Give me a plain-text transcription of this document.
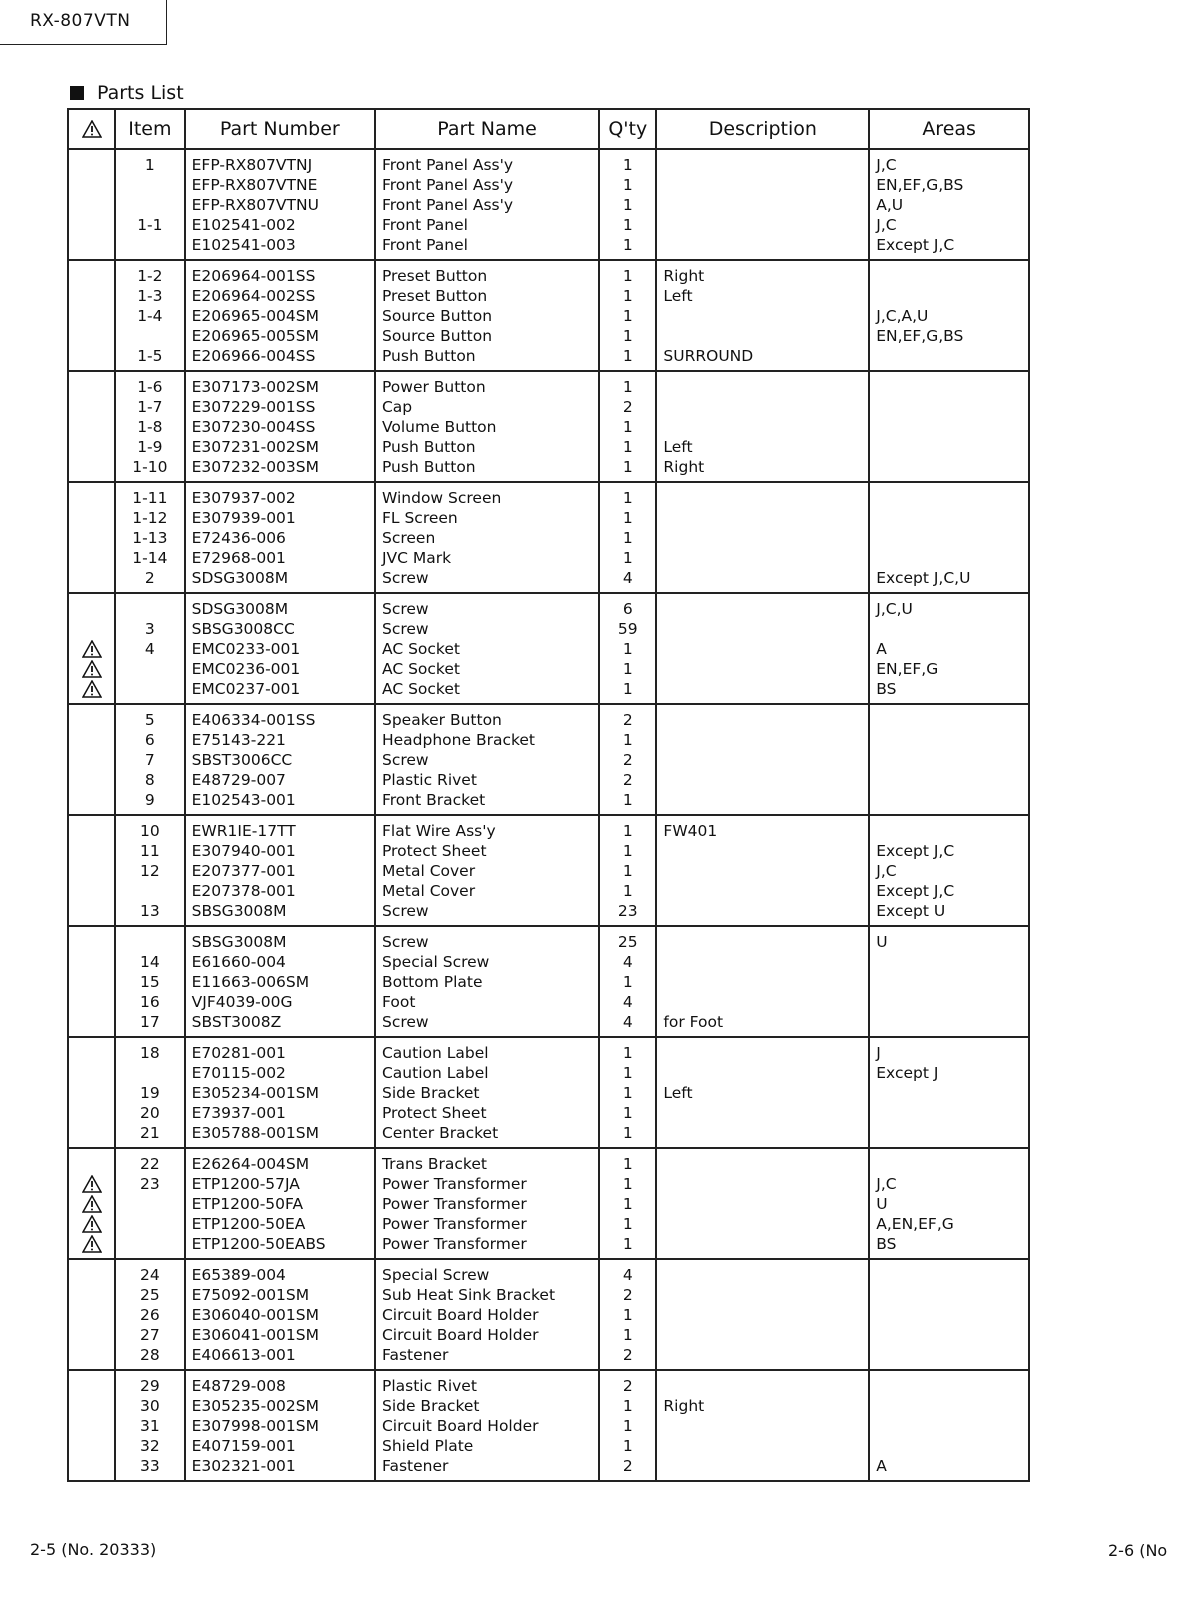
RX-807VTN
Parts List
	Item	Part Number	Part Name	Q'ty	Description	Areas
	1	EFP-RX807VTNJ	Front Panel Ass'y	1		J,C
		EFP-RX807VTNE	Front Panel Ass'y	1		EN,EF,G,BS
		EFP-RX807VTNU	Front Panel Ass'y	1		A,U
	1-1	E102541-002	Front Panel	1		J,C
		E102541-003	Front Panel	1		Except J,C
	1-2	E206964-001SS	Preset Button	1	Right	
	1-3	E206964-002SS	Preset Button	1	Left	
	1-4	E206965-004SM	Source Button	1		J,C,A,U
		E206965-005SM	Source Button	1		EN,EF,G,BS
	1-5	E206966-004SS	Push Button	1	SURROUND	
	1-6	E307173-002SM	Power Button	1		
	1-7	E307229-001SS	Cap	2		
	1-8	E307230-004SS	Volume Button	1		
	1-9	E307231-002SM	Push Button	1	Left	
	1-10	E307232-003SM	Push Button	1	Right	
	1-11	E307937-002	Window Screen	1		
	1-12	E307939-001	FL Screen	1		
	1-13	E72436-006	Screen	1		
	1-14	E72968-001	JVC Mark	1		
	2	SDSG3008M	Screw	4		Except J,C,U
		SDSG3008M	Screw	6		J,C,U
	3	SBSG3008CC	Screw	59		

	4	EMC0233-001	AC Socket	1		A

		EMC0236-001	AC Socket	1		EN,EF,G

		EMC0237-001	AC Socket	1		BS
	5	E406334-001SS	Speaker Button	2		
	6	E75143-221	Headphone Bracket	1		
	7	SBST3006CC	Screw	2		
	8	E48729-007	Plastic Rivet	2		
	9	E102543-001	Front Bracket	1		
	10	EWR1IE-17TT	Flat Wire Ass'y	1	FW401	
	11	E307940-001	Protect Sheet	1		Except J,C
	12	E207377-001	Metal Cover	1		J,C
		E207378-001	Metal Cover	1		Except J,C
	13	SBSG3008M	Screw	23		Except U
		SBSG3008M	Screw	25		U
	14	E61660-004	Special Screw	4		
	15	E11663-006SM	Bottom Plate	1		
	16	VJF4039-00G	Foot	4		
	17	SBST3008Z	Screw	4	for Foot	
	18	E70281-001	Caution Label	1		J
		E70115-002	Caution Label	1		Except J
	19	E305234-001SM	Side Bracket	1	Left	
	20	E73937-001	Protect Sheet	1		
	21	E305788-001SM	Center Bracket	1		
	22	E26264-004SM	Trans Bracket	1		

	23	ETP1200-57JA	Power Transformer	1		J,C

		ETP1200-50FA	Power Transformer	1		U

		ETP1200-50EA	Power Transformer	1		A,EN,EF,G

		ETP1200-50EABS	Power Transformer	1		BS
	24	E65389-004	Special Screw	4		
	25	E75092-001SM	Sub Heat Sink Bracket	2		
	26	E306040-001SM	Circuit Board Holder	1		
	27	E306041-001SM	Circuit Board Holder	1		
	28	E406613-001	Fastener	2		
	29	E48729-008	Plastic Rivet	2		
	30	E305235-002SM	Side Bracket	1	Right	
	31	E307998-001SM	Circuit Board Holder	1		
	32	E407159-001	Shield Plate	1		
	33	E302321-001	Fastener	2		A
2-5 (No. 20333)	2-6 (No
